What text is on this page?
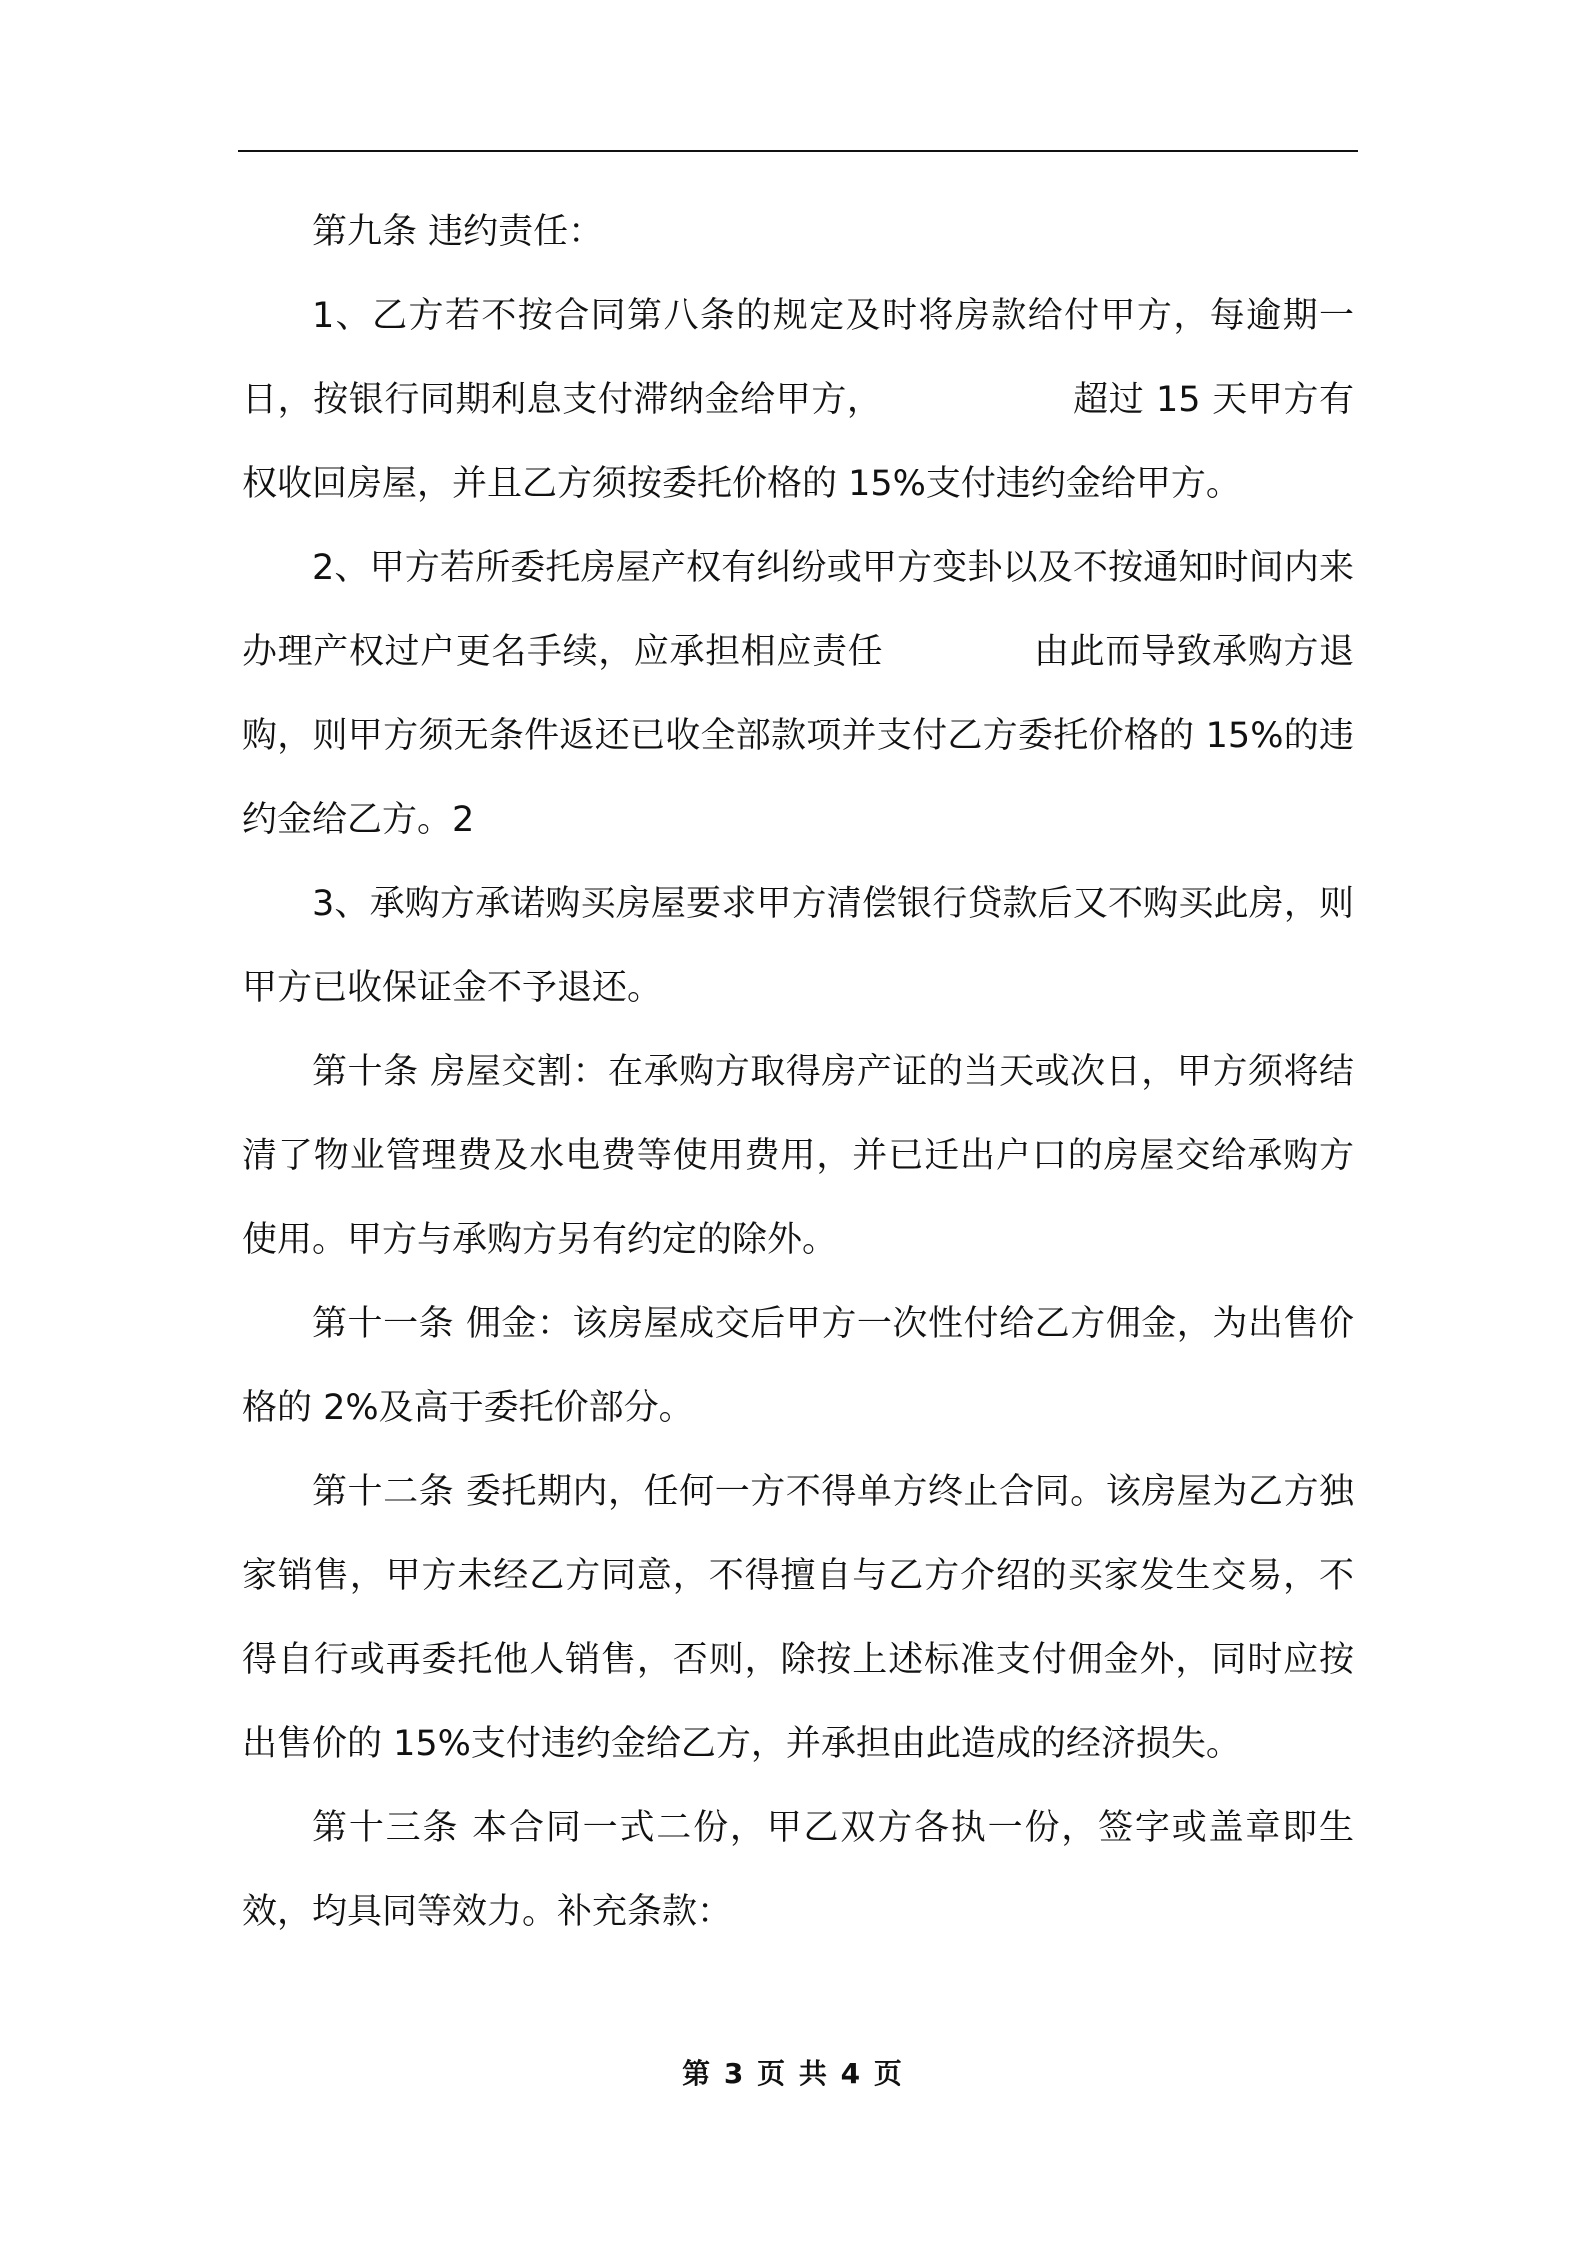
第九条 违约责任：

1、乙方若不按合同第八条的规定及时将房款给付甲方，每逾期一日，按银行同期利息支付滞纳金给甲方，	超过 15 天甲方有权收回房屋，并且乙方须按委托价格的 15%支付违约金给甲方。

2、甲方若所委托房屋产权有纠纷或甲方变卦以及不按通知时间内来办理产权过户更名手续，应承担相应责任	由此而导致承购方退购，则甲方须无条件返还已收全部款项并支付乙方委托价格的 15%的违约金给乙方。2

3、承购方承诺购买房屋要求甲方清偿银行贷款后又不购买此房，则甲方已收保证金不予退还。

第十条 房屋交割：在承购方取得房产证的当天或次日，甲方须将结清了物业管理费及水电费等使用费用，并已迁出户口的房屋交给承购方使用。甲方与承购方另有约定的除外。

第十一条 佣金：该房屋成交后甲方一次性付给乙方佣金，为出售价格的 2%及高于委托价部分。

第十二条 委托期内，任何一方不得单方终止合同。该房屋为乙方独家销售，甲方未经乙方同意，不得擅自与乙方介绍的买家发生交易，不得自行或再委托他人销售，否则，除按上述标准支付佣金外，同时应按出售价的 15%支付违约金给乙方，并承担由此造成的经济损失。

第十三条 本合同一式二份，甲乙双方各执一份，签字或盖章即生效，均具同等效力。补充条款：

第 3 页 共 4 页
